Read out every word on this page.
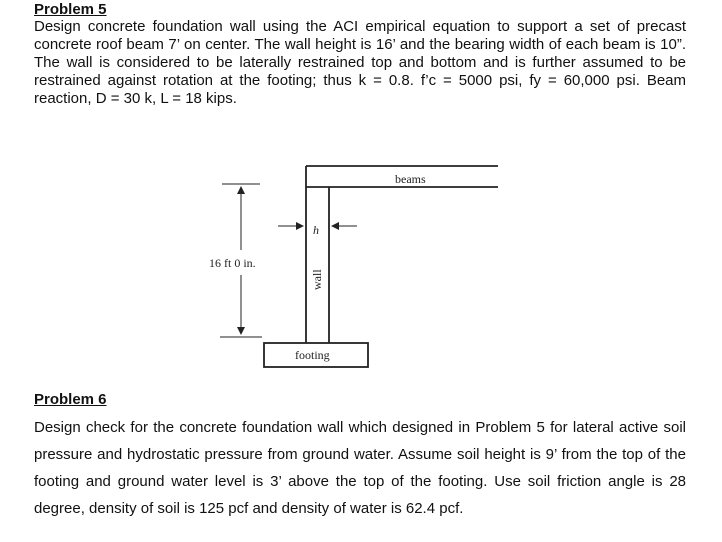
Problem 5

Design concrete foundation wall using the ACI empirical equation to support a set of precast concrete roof beam 7’ on center. The wall height is 16’ and the bearing width of each beam is 10”. The wall is considered to be laterally restrained top and bottom and is further assumed to be restrained against rotation at the footing; thus k = 0.8. f’c = 5000 psi, fy = 60,000 psi. Beam reaction, D = 30 k, L = 18 kips.

beams
wall
h
16 ft 0 in.
footing
Problem 6

Design check for the concrete foundation wall which designed in Problem 5 for lateral active soil pressure and hydrostatic pressure from ground water. Assume soil height is 9’ from the top of the footing and ground water level is 3’ above the top of the footing. Use soil friction angle is 28 degree, density of soil is 125 pcf and density of water is 62.4 pcf.
